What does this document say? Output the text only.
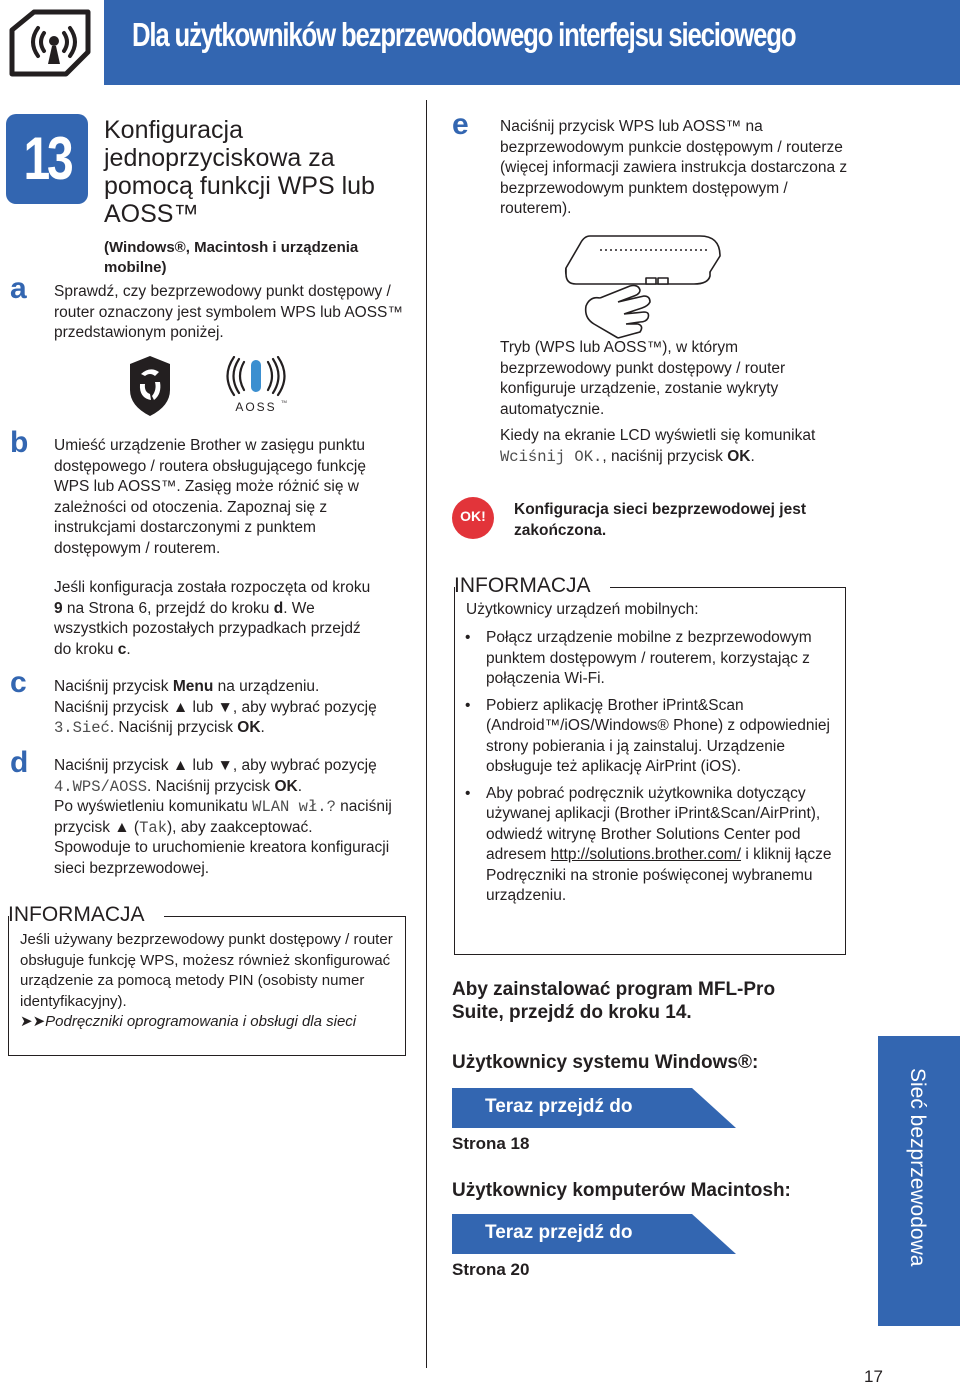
Dla użytkowników bezprzewodowego interfejsu sieciowego
13	Konfiguracja jednoprzyciskowa za pomocą funkcji WPS lub AOSS™
(Windows®, Macintosh i urządzenia mobilne)
a Sprawdź, czy bezprzewodowy punkt dostępowy / router oznaczony jest symbolem WPS lub AOSS™ przedstawionym poniżej.
AOSS TM
b Umieść urządzenie Brother w zasięgu punktu dostępowego / routera obsługującego funkcję WPS lub AOSS™. Zasięg może różnić się w zależności od otoczenia. Zapoznaj się z instrukcjami dostarczonymi z punktem dostępowym / routerem.
Jeśli konfiguracja została rozpoczęta od kroku 9 na Strona 6, przejdź do kroku d. We wszystkich pozostałych przypadkach przejdź do kroku c.
c Naciśnij przycisk Menu na urządzeniu.
Naciśnij przycisk ▲ lub ▼, aby wybrać pozycję 3.Sieć. Naciśnij przycisk OK.
d Naciśnij przycisk ▲ lub ▼, aby wybrać pozycję 4.WPS/AOSS. Naciśnij przycisk OK.
Po wyświetleniu komunikatu WLAN wł.? naciśnij przycisk ▲ (Tak), aby zaakceptować.
Spowoduje to uruchomienie kreatora konfiguracji sieci bezprzewodowej.
INFORMACJA
Jeśli używany bezprzewodowy punkt dostępowy / router obsługuje funkcję WPS, możesz również skonfigurować urządzenie za pomocą metody PIN (osobisty numer identyfikacyjny).
➤➤Podręczniki oprogramowania i obsługi dla sieci
e Naciśnij przycisk WPS lub AOSS™ na bezprzewodowym punkcie dostępowym / routerze (więcej informacji zawiera instrukcja dostarczona z bezprzewodowym punktem dostępowym / routerem).
Tryb (WPS lub AOSS™), w którym bezprzewodowy punkt dostępowy / router konfiguruje urządzenie, zostanie wykryty automatycznie.
Kiedy na ekranie LCD wyświetli się komunikat Wciśnij OK., naciśnij przycisk OK.
OK!	Konfiguracja sieci bezprzewodowej jest zakończona.
INFORMACJA
Użytkownicy urządzeń mobilnych:
• Połącz urządzenie mobilne z bezprzewodowym punktem dostępowym / routerem, korzystając z połączenia Wi-Fi.
• Pobierz aplikację Brother iPrint&Scan (Android™/iOS/Windows® Phone) z odpowiedniej strony pobierania i ją zainstaluj. Urządzenie obsługuje też aplikację AirPrint (iOS).
• Aby pobrać podręcznik użytkownika dotyczący używanej aplikacji (Brother iPrint&Scan/AirPrint), odwiedź witrynę Brother Solutions Center pod adresem http://solutions.brother.com/ i kliknij łącze Podręczniki na stronie poświęconej wybranemu urządzeniu.
Aby zainstalować program MFL-Pro Suite, przejdź do kroku 14.
Użytkownicy systemu Windows®:
Teraz przejdź do
Strona 18
Użytkownicy komputerów Macintosh:
Teraz przejdź do
Strona 20
Sieć bezprzewodowa
17
